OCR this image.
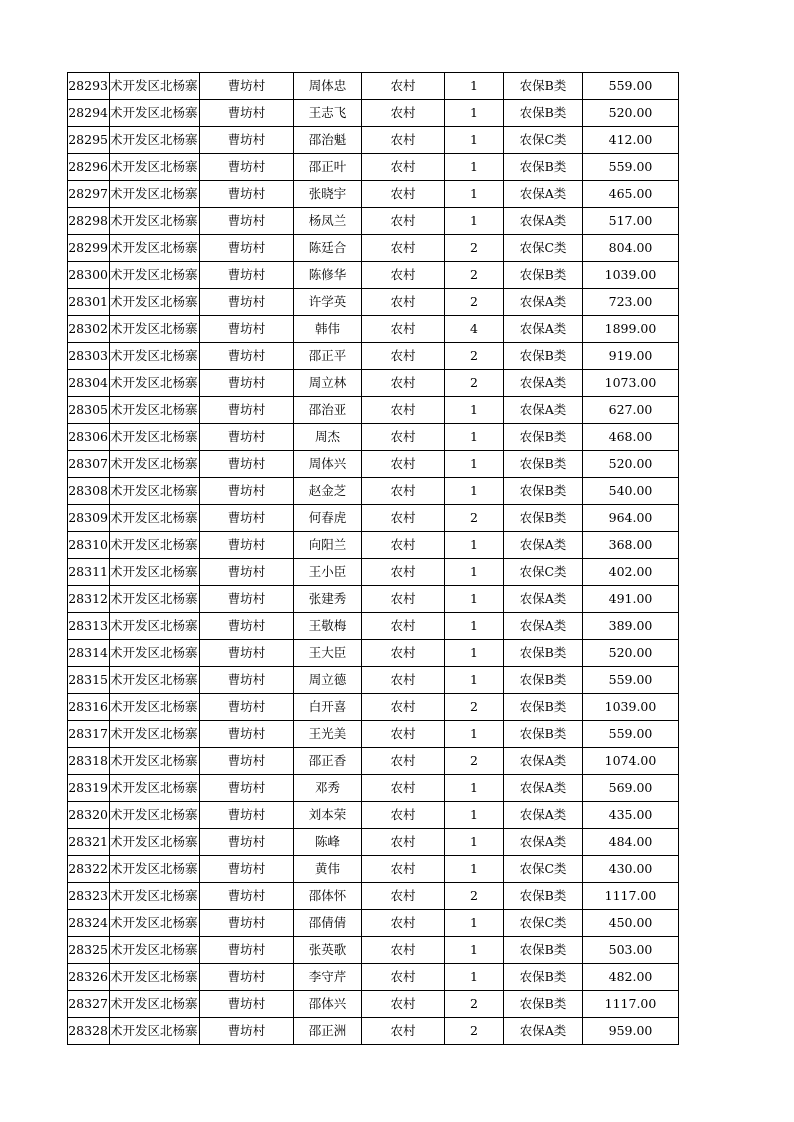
28293	术开发区北杨寨	曹坊村	周体忠	农村	1	农保B类	559.00
28294	术开发区北杨寨	曹坊村	王志飞	农村	1	农保B类	520.00
28295	术开发区北杨寨	曹坊村	邵治魁	农村	1	农保C类	412.00
28296	术开发区北杨寨	曹坊村	邵正叶	农村	1	农保B类	559.00
28297	术开发区北杨寨	曹坊村	张晓宇	农村	1	农保A类	465.00
28298	术开发区北杨寨	曹坊村	杨凤兰	农村	1	农保A类	517.00
28299	术开发区北杨寨	曹坊村	陈廷合	农村	2	农保C类	804.00
28300	术开发区北杨寨	曹坊村	陈修华	农村	2	农保B类	1039.00
28301	术开发区北杨寨	曹坊村	许学英	农村	2	农保A类	723.00
28302	术开发区北杨寨	曹坊村	韩伟	农村	4	农保A类	1899.00
28303	术开发区北杨寨	曹坊村	邵正平	农村	2	农保B类	919.00
28304	术开发区北杨寨	曹坊村	周立林	农村	2	农保A类	1073.00
28305	术开发区北杨寨	曹坊村	邵治亚	农村	1	农保A类	627.00
28306	术开发区北杨寨	曹坊村	周杰	农村	1	农保B类	468.00
28307	术开发区北杨寨	曹坊村	周体兴	农村	1	农保B类	520.00
28308	术开发区北杨寨	曹坊村	赵金芝	农村	1	农保B类	540.00
28309	术开发区北杨寨	曹坊村	何春虎	农村	2	农保B类	964.00
28310	术开发区北杨寨	曹坊村	向阳兰	农村	1	农保A类	368.00
28311	术开发区北杨寨	曹坊村	王小臣	农村	1	农保C类	402.00
28312	术开发区北杨寨	曹坊村	张建秀	农村	1	农保A类	491.00
28313	术开发区北杨寨	曹坊村	王敬梅	农村	1	农保A类	389.00
28314	术开发区北杨寨	曹坊村	王大臣	农村	1	农保B类	520.00
28315	术开发区北杨寨	曹坊村	周立德	农村	1	农保B类	559.00
28316	术开发区北杨寨	曹坊村	白开喜	农村	2	农保B类	1039.00
28317	术开发区北杨寨	曹坊村	王光美	农村	1	农保B类	559.00
28318	术开发区北杨寨	曹坊村	邵正香	农村	2	农保A类	1074.00
28319	术开发区北杨寨	曹坊村	邓秀	农村	1	农保A类	569.00
28320	术开发区北杨寨	曹坊村	刘本荣	农村	1	农保A类	435.00
28321	术开发区北杨寨	曹坊村	陈峰	农村	1	农保A类	484.00
28322	术开发区北杨寨	曹坊村	黄伟	农村	1	农保C类	430.00
28323	术开发区北杨寨	曹坊村	邵体怀	农村	2	农保B类	1117.00
28324	术开发区北杨寨	曹坊村	邵倩倩	农村	1	农保C类	450.00
28325	术开发区北杨寨	曹坊村	张英歌	农村	1	农保B类	503.00
28326	术开发区北杨寨	曹坊村	李守芹	农村	1	农保B类	482.00
28327	术开发区北杨寨	曹坊村	邵体兴	农村	2	农保B类	1117.00
28328	术开发区北杨寨	曹坊村	邵正洲	农村	2	农保A类	959.00
